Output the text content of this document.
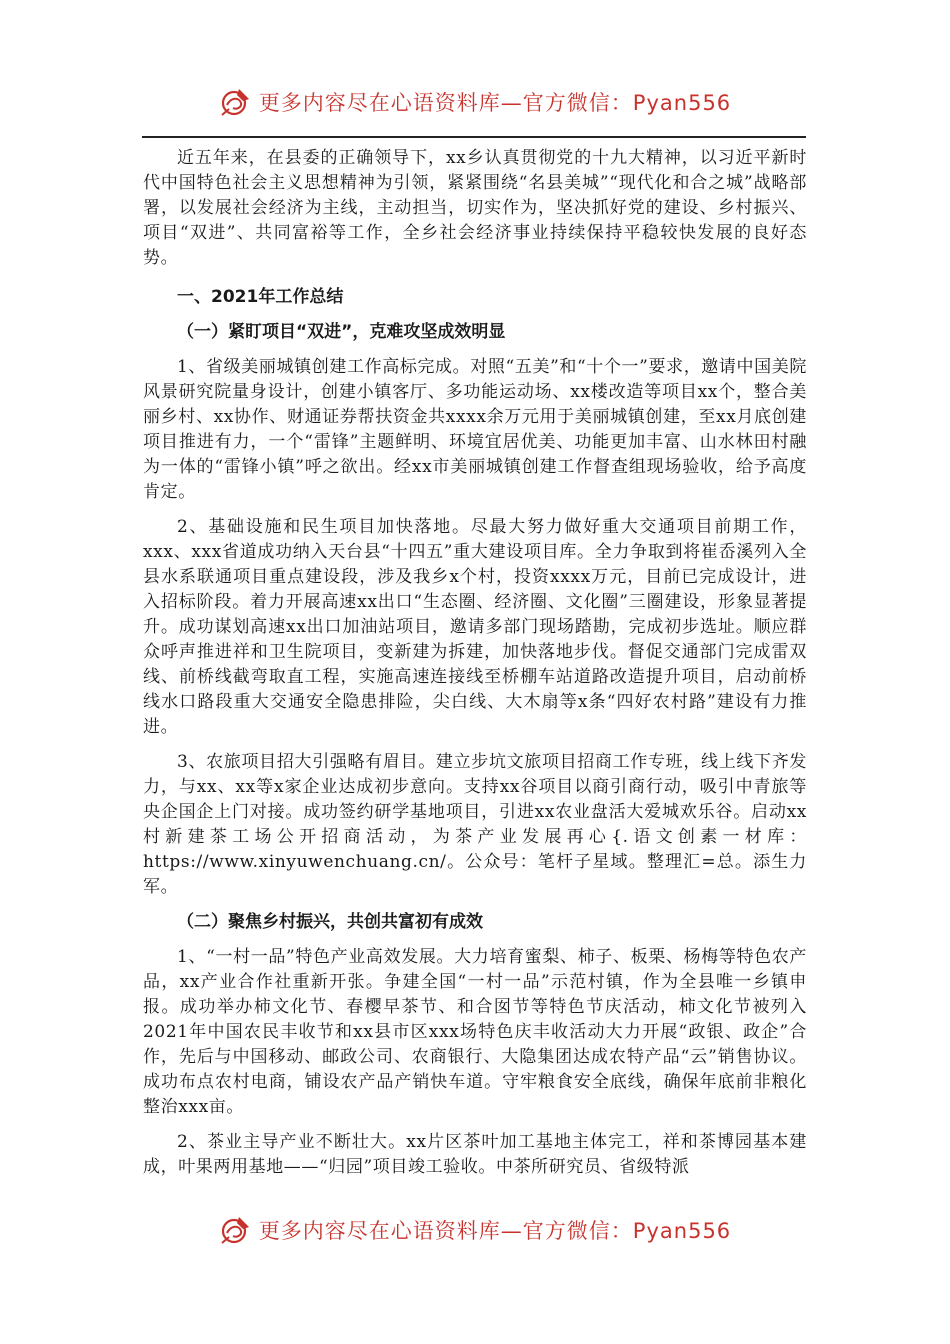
更多内容尽在心语资料库—官方微信：Pyan556

近五年来，在县委的正确领导下，xx乡认真贯彻党的十九大精神，以习近平新时代中国特色社会主义思想精神为引领，紧紧围绕“名县美城”“现代化和合之城”战略部署，以发展社会经济为主线，主动担当，切实作为，坚决抓好党的建设、乡村振兴、项目“双进”、共同富裕等工作，全乡社会经济事业持续保持平稳较快发展的良好态势。

一、2021年工作总结
（一）紧盯项目“双进”，克难攻坚成效明显

1、省级美丽城镇创建工作高标完成。对照“五美”和“十个一”要求，邀请中国美院风景研究院量身设计，创建小镇客厅、多功能运动场、xx楼改造等项目xx个，整合美丽乡村、xx协作、财通证券帮扶资金共xxxx余万元用于美丽城镇创建，至xx月底创建项目推进有力，一个“雷锋”主题鲜明、环境宜居优美、功能更加丰富、山水林田村融为一体的“雷锋小镇”呼之欲出。经xx市美丽城镇创建工作督查组现场验收，给予高度肯定。

2、基础设施和民生项目加快落地。尽最大努力做好重大交通项目前期工作，xxx、xxx省道成功纳入天台县“十四五”重大建设项目库。全力争取到将崔岙溪列入全县水系联通项目重点建设段，涉及我乡x个村，投资xxxx万元，目前已完成设计，进入招标阶段。着力开展高速xx出口“生态圈、经济圈、文化圈”三圈建设，形象显著提升。成功谋划高速xx出口加油站项目，邀请多部门现场踏勘，完成初步选址。顺应群众呼声推进祥和卫生院项目，变新建为拆建，加快落地步伐。督促交通部门完成雷双线、前桥线截弯取直工程，实施高速连接线至桥棚车站道路改造提升项目，启动前桥线水口路段重大交通安全隐患排险，尖白线、大木扇等x条“四好农村路”建设有力推进。

3、农旅项目招大引强略有眉目。建立步坑文旅项目招商工作专班，线上线下齐发力，与xx、xx等x家企业达成初步意向。支持xx谷项目以商引商行动，吸引中青旅等央企国企上门对接。成功签约研学基地项目，引进xx农业盘活大爱城欢乐谷。启动xx村新建茶工场公开招商活动，为茶产业发展再心{.语文创素一材库：https://www.xinyuwenchuang.cn/。公众号：笔杆子星域。整理汇=总。添生力军。

（二）聚焦乡村振兴，共创共富初有成效

1、“一村一品”特色产业高效发展。大力培育蜜梨、柿子、板栗、杨梅等特色农产品，xx产业合作社重新开张。争建全国“一村一品”示范村镇，作为全县唯一乡镇申报。成功举办柿文化节、春樱早茶节、和合囡节等特色节庆活动，柿文化节被列入2021年中国农民丰收节和xx县市区xxx场特色庆丰收活动大力开展“政银、政企”合作，先后与中国移动、邮政公司、农商银行、大隐集团达成农特产品“云”销售协议。成功布点农村电商，铺设农产品产销快车道。守牢粮食安全底线，确保年底前非粮化整治xxx亩。

2、茶业主导产业不断壮大。xx片区茶叶加工基地主体完工，祥和茶博园基本建成，叶果两用基地——“归园”项目竣工验收。中茶所研究员、省级特派

更多内容尽在心语资料库—官方微信：Pyan556
